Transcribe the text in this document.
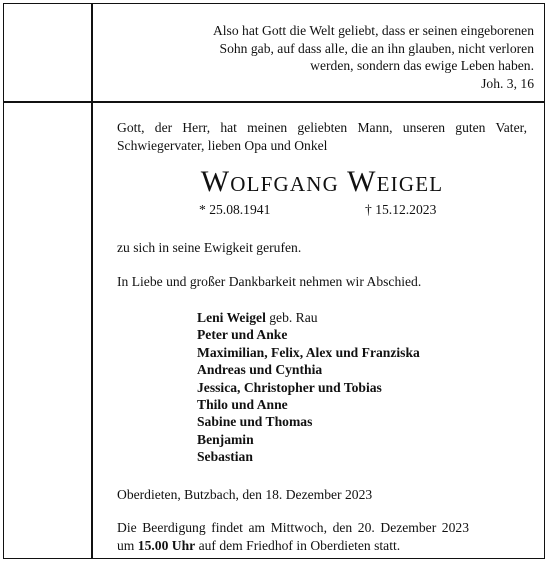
Also hat Gott die Welt geliebt, dass er seinen eingeborenen
Sohn gab, auf dass alle, die an ihn glauben, nicht verloren
werden, sondern das ewige Leben haben.
Joh. 3, 16
Gott, der Herr, hat meinen geliebten Mann, unseren guten Vater,
Schwiegervater, lieben Opa und Onkel
Wolfgang Weigel
* 25.08.1941	† 15.12.2023
zu sich in seine Ewigkeit gerufen.
In Liebe und großer Dankbarkeit nehmen wir Abschied.
Leni Weigel geb. Rau
Peter und Anke
Maximilian, Felix, Alex und Franziska
Andreas und Cynthia
Jessica, Christopher und Tobias
Thilo und Anne
Sabine und Thomas
Benjamin
Sebastian
Oberdieten, Butzbach, den 18. Dezember 2023
Die Beerdigung findet am Mittwoch, den 20. Dezember 2023
um 15.00 Uhr auf dem Friedhof in Oberdieten statt.
